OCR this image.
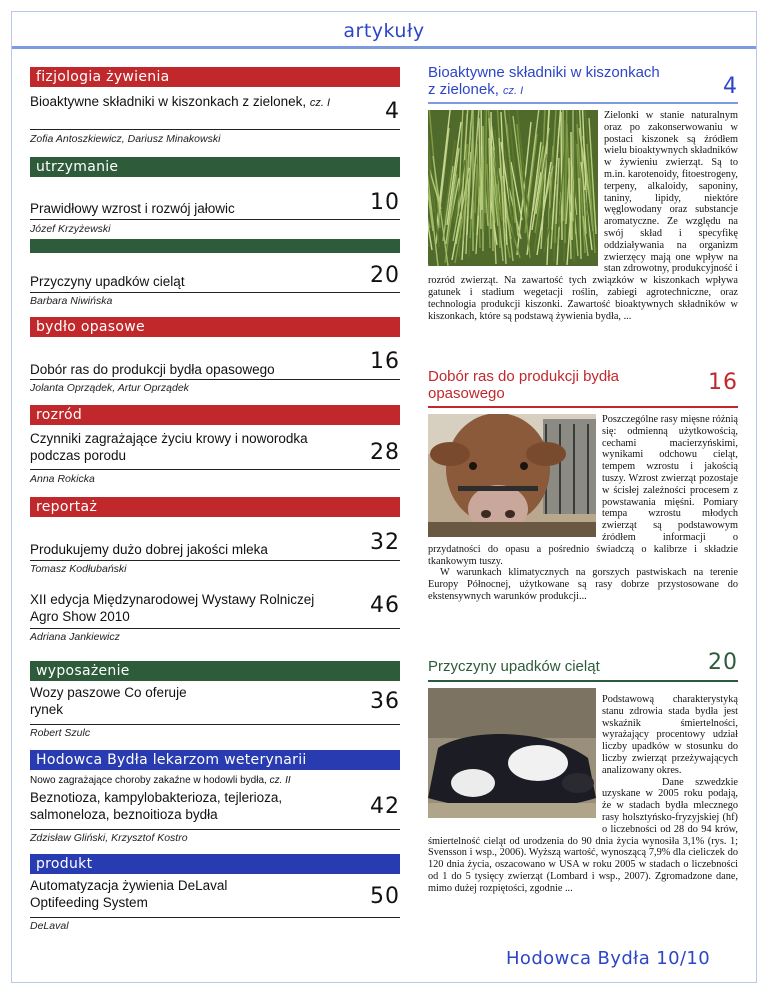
artykuły
fizjologia żywienia
Bioaktywne składniki w kiszonkach z zielonek, cz. I	4
Zofia Antoszkiewicz, Dariusz Minakowski
utrzymanie
Prawidłowy wzrost i rozwój jałowic	10
Józef Krzyżewski
Przyczyny upadków cieląt	20
Barbara Niwińska
bydło opasowe
Dobór ras do produkcji bydła opasowego	16
Jolanta Oprządek, Artur Oprządek
rozród
Czynniki zagrażające życiu krowy i noworodka podczas porodu	28
Anna Rokicka
reportaż
Produkujemy dużo dobrej jakości mleka	32
Tomasz Kodłubański
XII edycja Międzynarodowej Wystawy Rolniczej Agro Show 2010	46
Adriana Jankiewicz
wyposażenie
Wozy paszowe Co oferuje rynek	36
Robert Szulc
Hodowca Bydła lekarzom weterynarii
Nowo zagrażające choroby zakaźne w hodowli bydła, cz. II
Beznotioza, kampylobakterioza, tejlerioza, salmoneloza, beznoitioza bydła	42
Zdzisław Gliński, Krzysztof Kostro
produkt
Automatyzacja żywienia DeLaval Optifeeding System	50
DeLaval
Bioaktywne składniki w kiszonkach z zielonek, cz. I	4
Zielonki w stanie naturalnym oraz po zakonserwowaniu w postaci kiszonek są źródłem wielu bioaktywnych składników w żywieniu zwierząt. Są to m.in. karotenoidy, fitoestrogeny, terpeny, alkaloidy, saponiny, taniny, lipidy, niektóre węglowodany oraz substancje aromatyczne. Ze względu na swój skład i specyfikę oddziaływania na organizm zwierzęcy mają one wpływ na stan zdrowotny, produkcyjność i rozród zwierząt. Na zawartość tych związków w kiszonkach wpływa gatunek i stadium wegetacji roślin, zabiegi agrotechniczne, oraz technologia produkcji kiszonki. Zawartość bioaktywnych składników w kiszonkach, które są podstawą żywienia bydła, ...
Dobór ras do produkcji bydła opasowego	16
Poszczególne rasy mięsne różnią się: odmienną użytkowością, cechami macierzyńskimi, wynikami odchowu cieląt, tempem wzrostu i jakością tuszy. Wzrost zwierząt pozostaje w ścisłej zależności procesem z powstawania mięśni. Pomiary tempa wzrostu młodych zwierząt są podstawowym źródłem informacji o przydatności do opasu a pośrednio świadczą o kalibrze i składzie tkankowym tuszy.
W warunkach klimatycznych na gorszych pastwiskach na terenie Europy Północnej, użytkowane są rasy dobrze przystosowane do ekstensywnych warunków produkcji...
Przyczyny upadków cieląt	20
Podstawową charakterystyką stanu zdrowia stada bydła jest wskaźnik śmiertelności, wyrażający procentowy udział liczby upadków w stosunku do liczby zwierząt przeżywających analizowany okres.
Dane szwedzkie uzyskane w 2005 roku podają, że w stadach bydła mlecznego rasy holsztyńsko-fryzyjskiej (hf) o liczebności od 28 do 94 krów, śmiertelność cieląt od urodzenia do 90 dnia życia wynosiła 3,1% (rys. 1; Svensson i wsp., 2006). Wyższą wartość, wynoszącą 7,9% dla cieliczek do 120 dnia życia, oszacowano w USA w roku 2005 w stadach o liczebności od 1 do 5 tysięcy zwierząt (Lombard i wsp., 2007). Zgromadzone dane, mimo dużej rozpiętości, zgodnie ...
Hodowca Bydła 10/10
